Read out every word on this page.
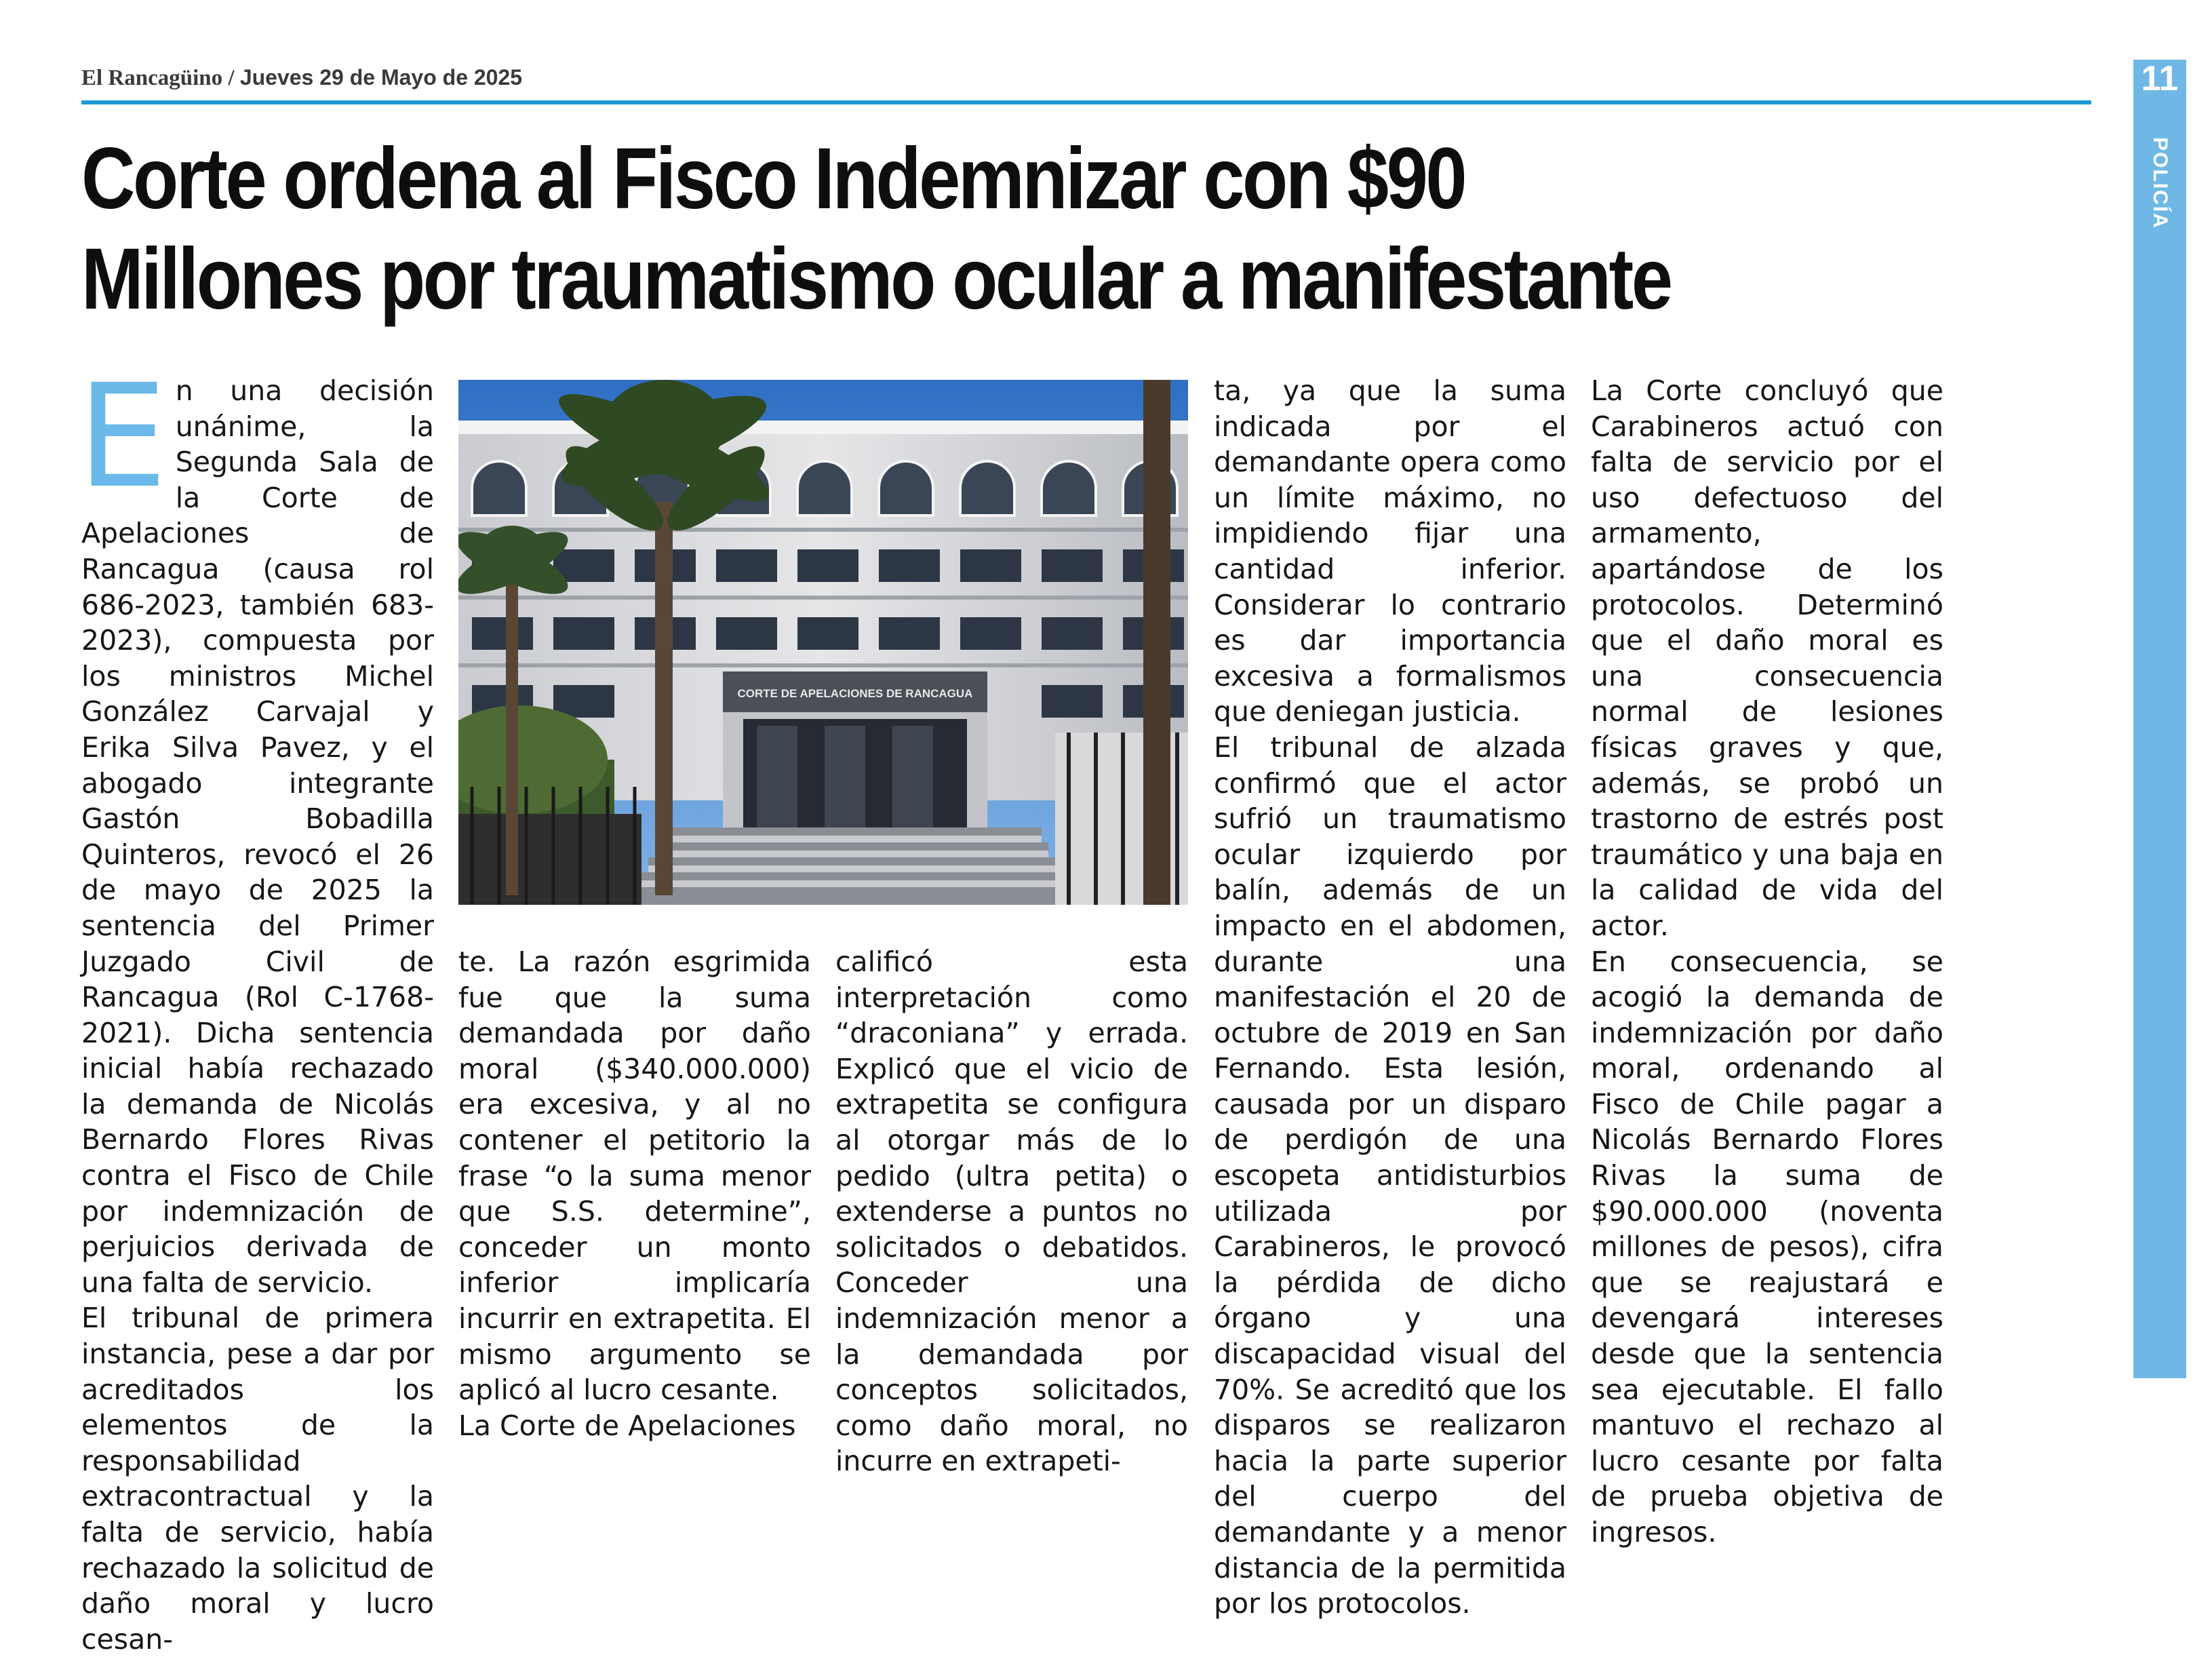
El Rancagüino / Jueves 29 de Mayo de 2025	11
POLICÍA
Corte ordena al Fisco Indemnizar con $90
Millones por traumatismo ocular a manifestante
E n una decisión unánime, la Segunda Sala de la Corte de Apelaciones de Rancagua (causa rol 686-2023, también 683-2023), compuesta por los ministros Michel González Carvajal y Erika Silva Pavez, y el abogado integrante Gastón Bobadilla Quinteros, revocó el 26 de mayo de 2025 la sentencia del Primer Juzgado Civil de Rancagua (Rol C-1768-2021). Dicha sentencia inicial había rechazado la demanda de Nicolás Bernardo Flores Rivas contra el Fisco de Chile por indemnización de perjuicios derivada de una falta de servicio.

El tribunal de primera instancia, pese a dar por acreditados los elementos de la responsabilidad extracontractual y la falta de servicio, había rechazado la solicitud de daño moral y lucro cesan-

CORTE DE APELACIONES DE RANCAGUA

te. La razón esgrimida fue que la suma demandada por daño moral ($340.000.000) era excesiva, y al no contener el petitorio la frase “o la suma menor que S.S. determine”, conceder un monto inferior implicaría incurrir en extrapetita. El mismo argumento se aplicó al lucro cesante.

La Corte de Apelaciones

calificó esta interpretación como “draconiana” y errada. Explicó que el vicio de extrapetita se configura al otorgar más de lo pedido (ultra petita) o extenderse a puntos no solicitados o debatidos. Conceder una indemnización menor a la demandada por conceptos solicitados, como daño moral, no incurre en extrapeti-

ta, ya que la suma indicada por el demandante opera como un límite máximo, no impidiendo fijar una cantidad inferior. Considerar lo contrario es dar importancia excesiva a formalismos que deniegan justicia.

El tribunal de alzada confirmó que el actor sufrió un traumatismo ocular izquierdo por balín, además de un impacto en el abdomen, durante una manifestación el 20 de octubre de 2019 en San Fernando. Esta lesión, causada por un disparo de perdigón de una escopeta antidisturbios utilizada por Carabineros, le provocó la pérdida de dicho órgano y una discapacidad visual del 70%. Se acreditó que los disparos se realizaron hacia la parte superior del cuerpo del demandante y a menor distancia de la permitida por los protocolos.

La Corte concluyó que Carabineros actuó con falta de servicio por el uso defectuoso del armamento, apartándose de los protocolos. Determinó que el daño moral es una consecuencia normal de lesiones físicas graves y que, además, se probó un trastorno de estrés post traumático y una baja en la calidad de vida del actor.

En consecuencia, se acogió la demanda de indemnización por daño moral, ordenando al Fisco de Chile pagar a Nicolás Bernardo Flores Rivas la suma de $90.000.000 (noventa millones de pesos), cifra que se reajustará e devengará intereses desde que la sentencia sea ejecutable. El fallo mantuvo el rechazo al lucro cesante por falta de prueba objetiva de ingresos.
